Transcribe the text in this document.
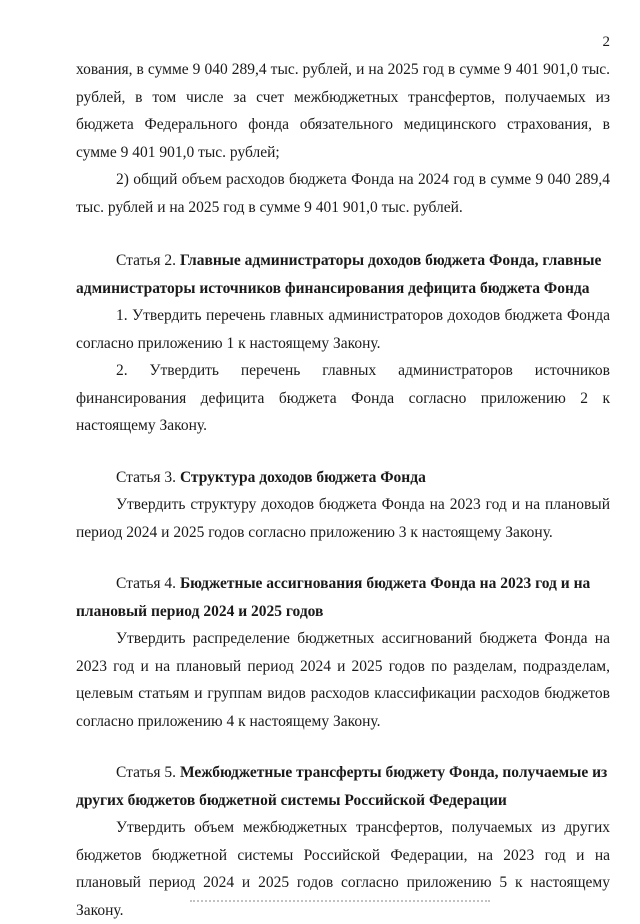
2

хования, в сумме 9 040 289,4 тыс. рублей, и на 2025 год в сумме 9 401 901,0 тыс. рублей, в том числе за счет межбюджетных трансфертов, получаемых из бюджета Федерального фонда обязательного медицинского страхования, в сумме 9 401 901,0 тыс. рублей;

2) общий объем расходов бюджета Фонда на 2024 год в сумме 9 040 289,4 тыс. рублей и на 2025 год в сумме 9 401 901,0 тыс. рублей.

Статья 2. Главные администраторы доходов бюджета Фонда, главные администраторы источников финансирования дефицита бюджета Фонда

1. Утвердить перечень главных администраторов доходов бюджета Фонда согласно приложению 1 к настоящему Закону.

2. Утвердить перечень главных администраторов источников финансирования дефицита бюджета Фонда согласно приложению 2 к настоящему Закону.

Статья 3. Структура доходов бюджета Фонда

Утвердить структуру доходов бюджета Фонда на 2023 год и на плановый период 2024 и 2025 годов согласно приложению 3 к настоящему Закону.

Статья 4. Бюджетные ассигнования бюджета Фонда на 2023 год и на плановый период 2024 и 2025 годов

Утвердить распределение бюджетных ассигнований бюджета Фонда на 2023 год и на плановый период 2024 и 2025 годов по разделам, подразделам, целевым статьям и группам видов расходов классификации расходов бюджетов согласно приложению 4 к настоящему Закону.

Статья 5. Межбюджетные трансферты бюджету Фонда, получаемые из других бюджетов бюджетной системы Российской Федерации

Утвердить объем межбюджетных трансфертов, получаемых из других бюджетов бюджетной системы Российской Федерации, на 2023 год и на плановый период 2024 и 2025 годов согласно приложению 5 к настоящему Закону.
